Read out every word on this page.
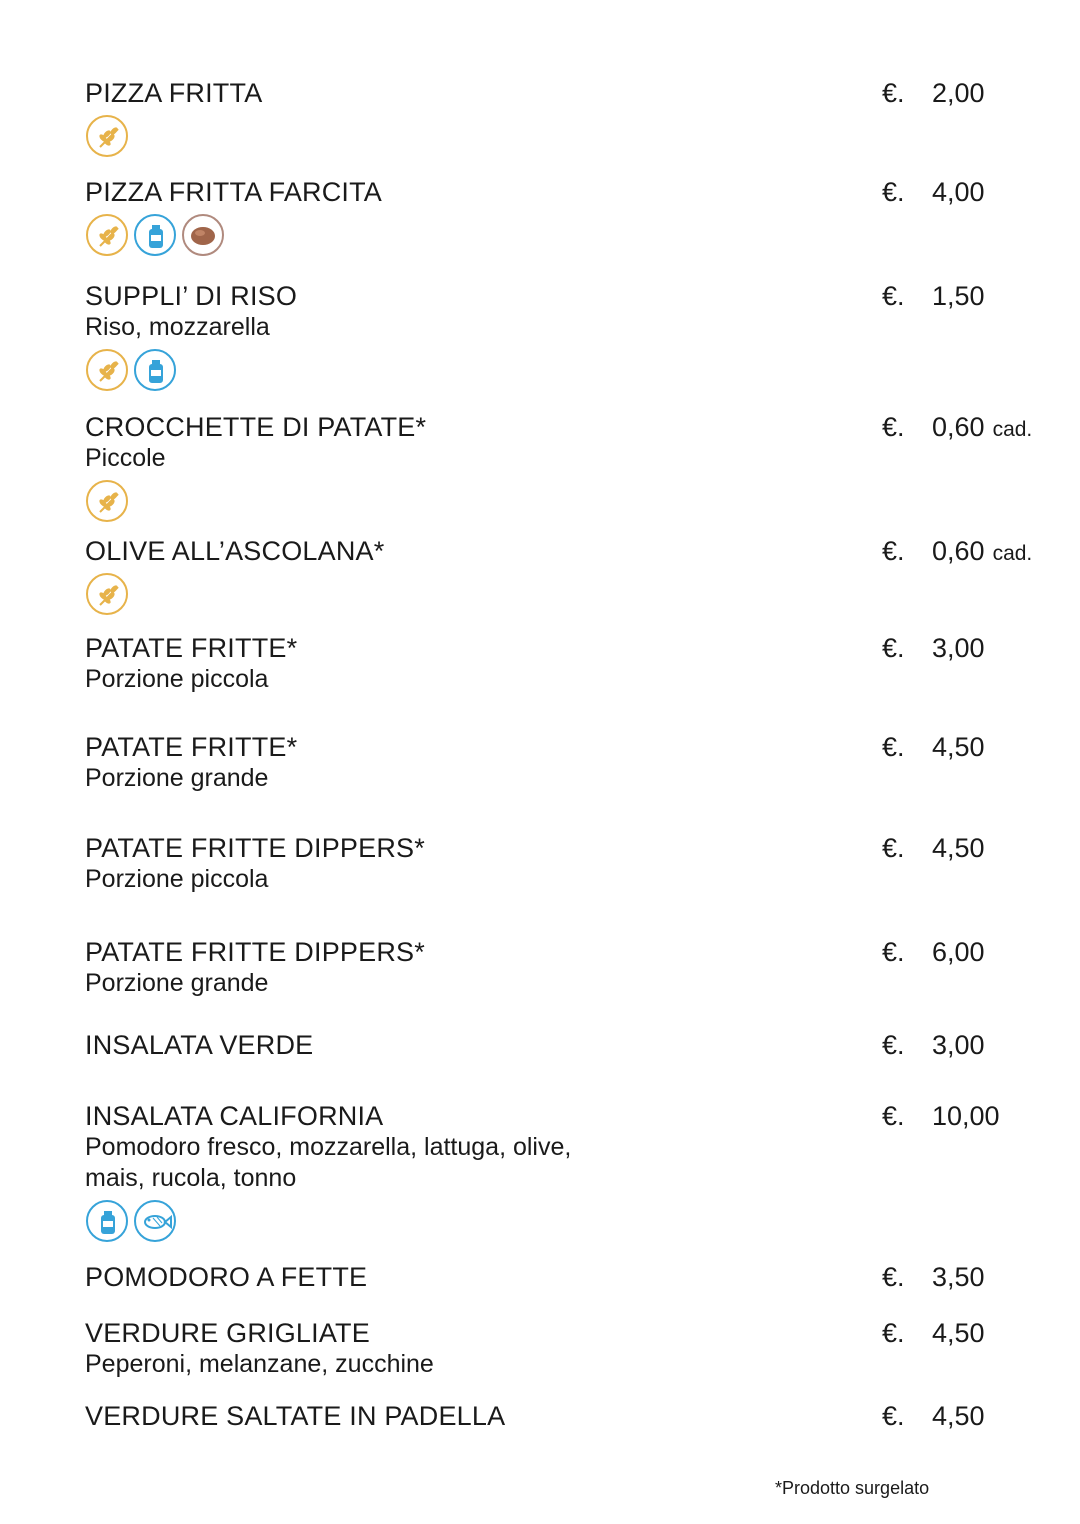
PIZZA FRITTA	€. 2,00
PIZZA FRITTA FARCITA	€. 4,00
SUPPLI’ DI RISO	€. 1,50
Riso, mozzarella
CROCCHETTE DI PATATE*	€. 0,60 cad.
Piccole
OLIVE ALL’ASCOLANA*	€. 0,60 cad.
PATATE FRITTE*	€. 3,00
Porzione piccola
PATATE FRITTE*	€. 4,50
Porzione grande
PATATE FRITTE DIPPERS*	€. 4,50
Porzione piccola
PATATE FRITTE DIPPERS*	€. 6,00
Porzione grande
INSALATA VERDE	€. 3,00
INSALATA CALIFORNIA	€. 10,00
Pomodoro fresco, mozzarella, lattuga, olive,
mais, rucola, tonno
POMODORO A FETTE	€. 3,50
VERDURE GRIGLIATE	€. 4,50
Peperoni, melanzane, zucchine
VERDURE SALTATE IN PADELLA	€. 4,50
*Prodotto surgelato
